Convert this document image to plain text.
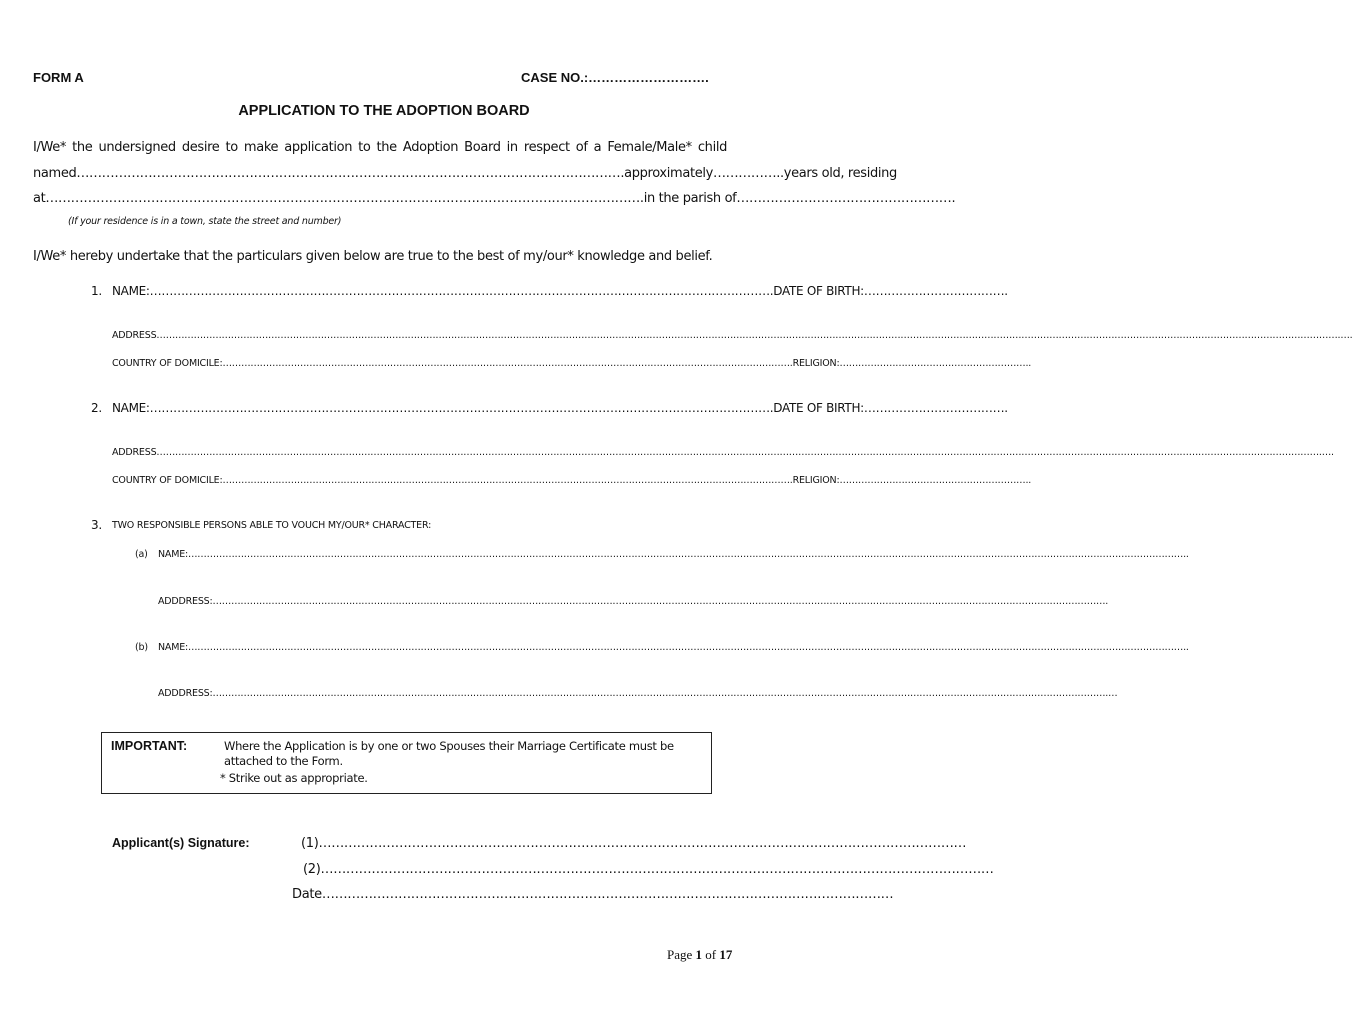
FORM A	CASE NO.:……………………….
APPLICATION TO THE ADOPTION BOARD
I/We* the undersigned desire to make application to the Adoption Board in respect of a Female/Male* child
named………………………………………………………………………………………………………………….approximately……………..years old, residing
at…………………………………………………………………………………………………………………………….in the parish of…………………………………………….
(If your residence is in a town, state the street and number)
I/We* hereby undertake that the particulars given below are true to the best of my/our* knowledge and belief.
1. NAME:…………………………………………………………………………………………………………………………………………….DATE OF BIRTH:……………………………….
ADDRESS………………………………………………………………………………………………………………………………………………………………………………………………………………………………………………………………………………………………………………………………………………….….
COUNTRY OF DOMICILE:………………………………………………………………………………………………………………………………………………………………….RELIGION:……………………………………………………..
2. NAME:…………………………………………………………………………………………………………………………………………….DATE OF BIRTH:……………………………….
ADDRESS…………………………………………………………………………………………………………………………………………………………………………………………………………………………………………………………………………………………………………………………………………….….
COUNTRY OF DOMICILE:………………………………………………………………………………………………………………………………………………………………….RELIGION:……………………………………………………..
3. TWO RESPONSIBLE PERSONS ABLE TO VOUCH MY/OUR* CHARACTER:
(a) NAME:……………………………………………………………………………………………………………………………………………………………………………………………………………………………………………………………………………………………..
ADDDRESS:……………………………………………………………………………………………………………………………………………………………………………………………………………………………………………………………….
(b) NAME:……………………………………………………………………………………………………………………………………………………………………………………………………………………………………………………………………………………………..
ADDDRESS:……………………………………………………………………………………………………………………………………………………………………………………………………………………………………………………………….…
IMPORTANT:	Where the Application is by one or two Spouses their Marriage Certificate must be attached to the Form.
* Strike out as appropriate.
Applicant(s) Signature:	(1)………………………………………………………………………………………………………………………………………
(2)……………………………………………………………………………………………………………………………………………
Date………………………………………………………………………………………………………………………
Page 1 of 17
